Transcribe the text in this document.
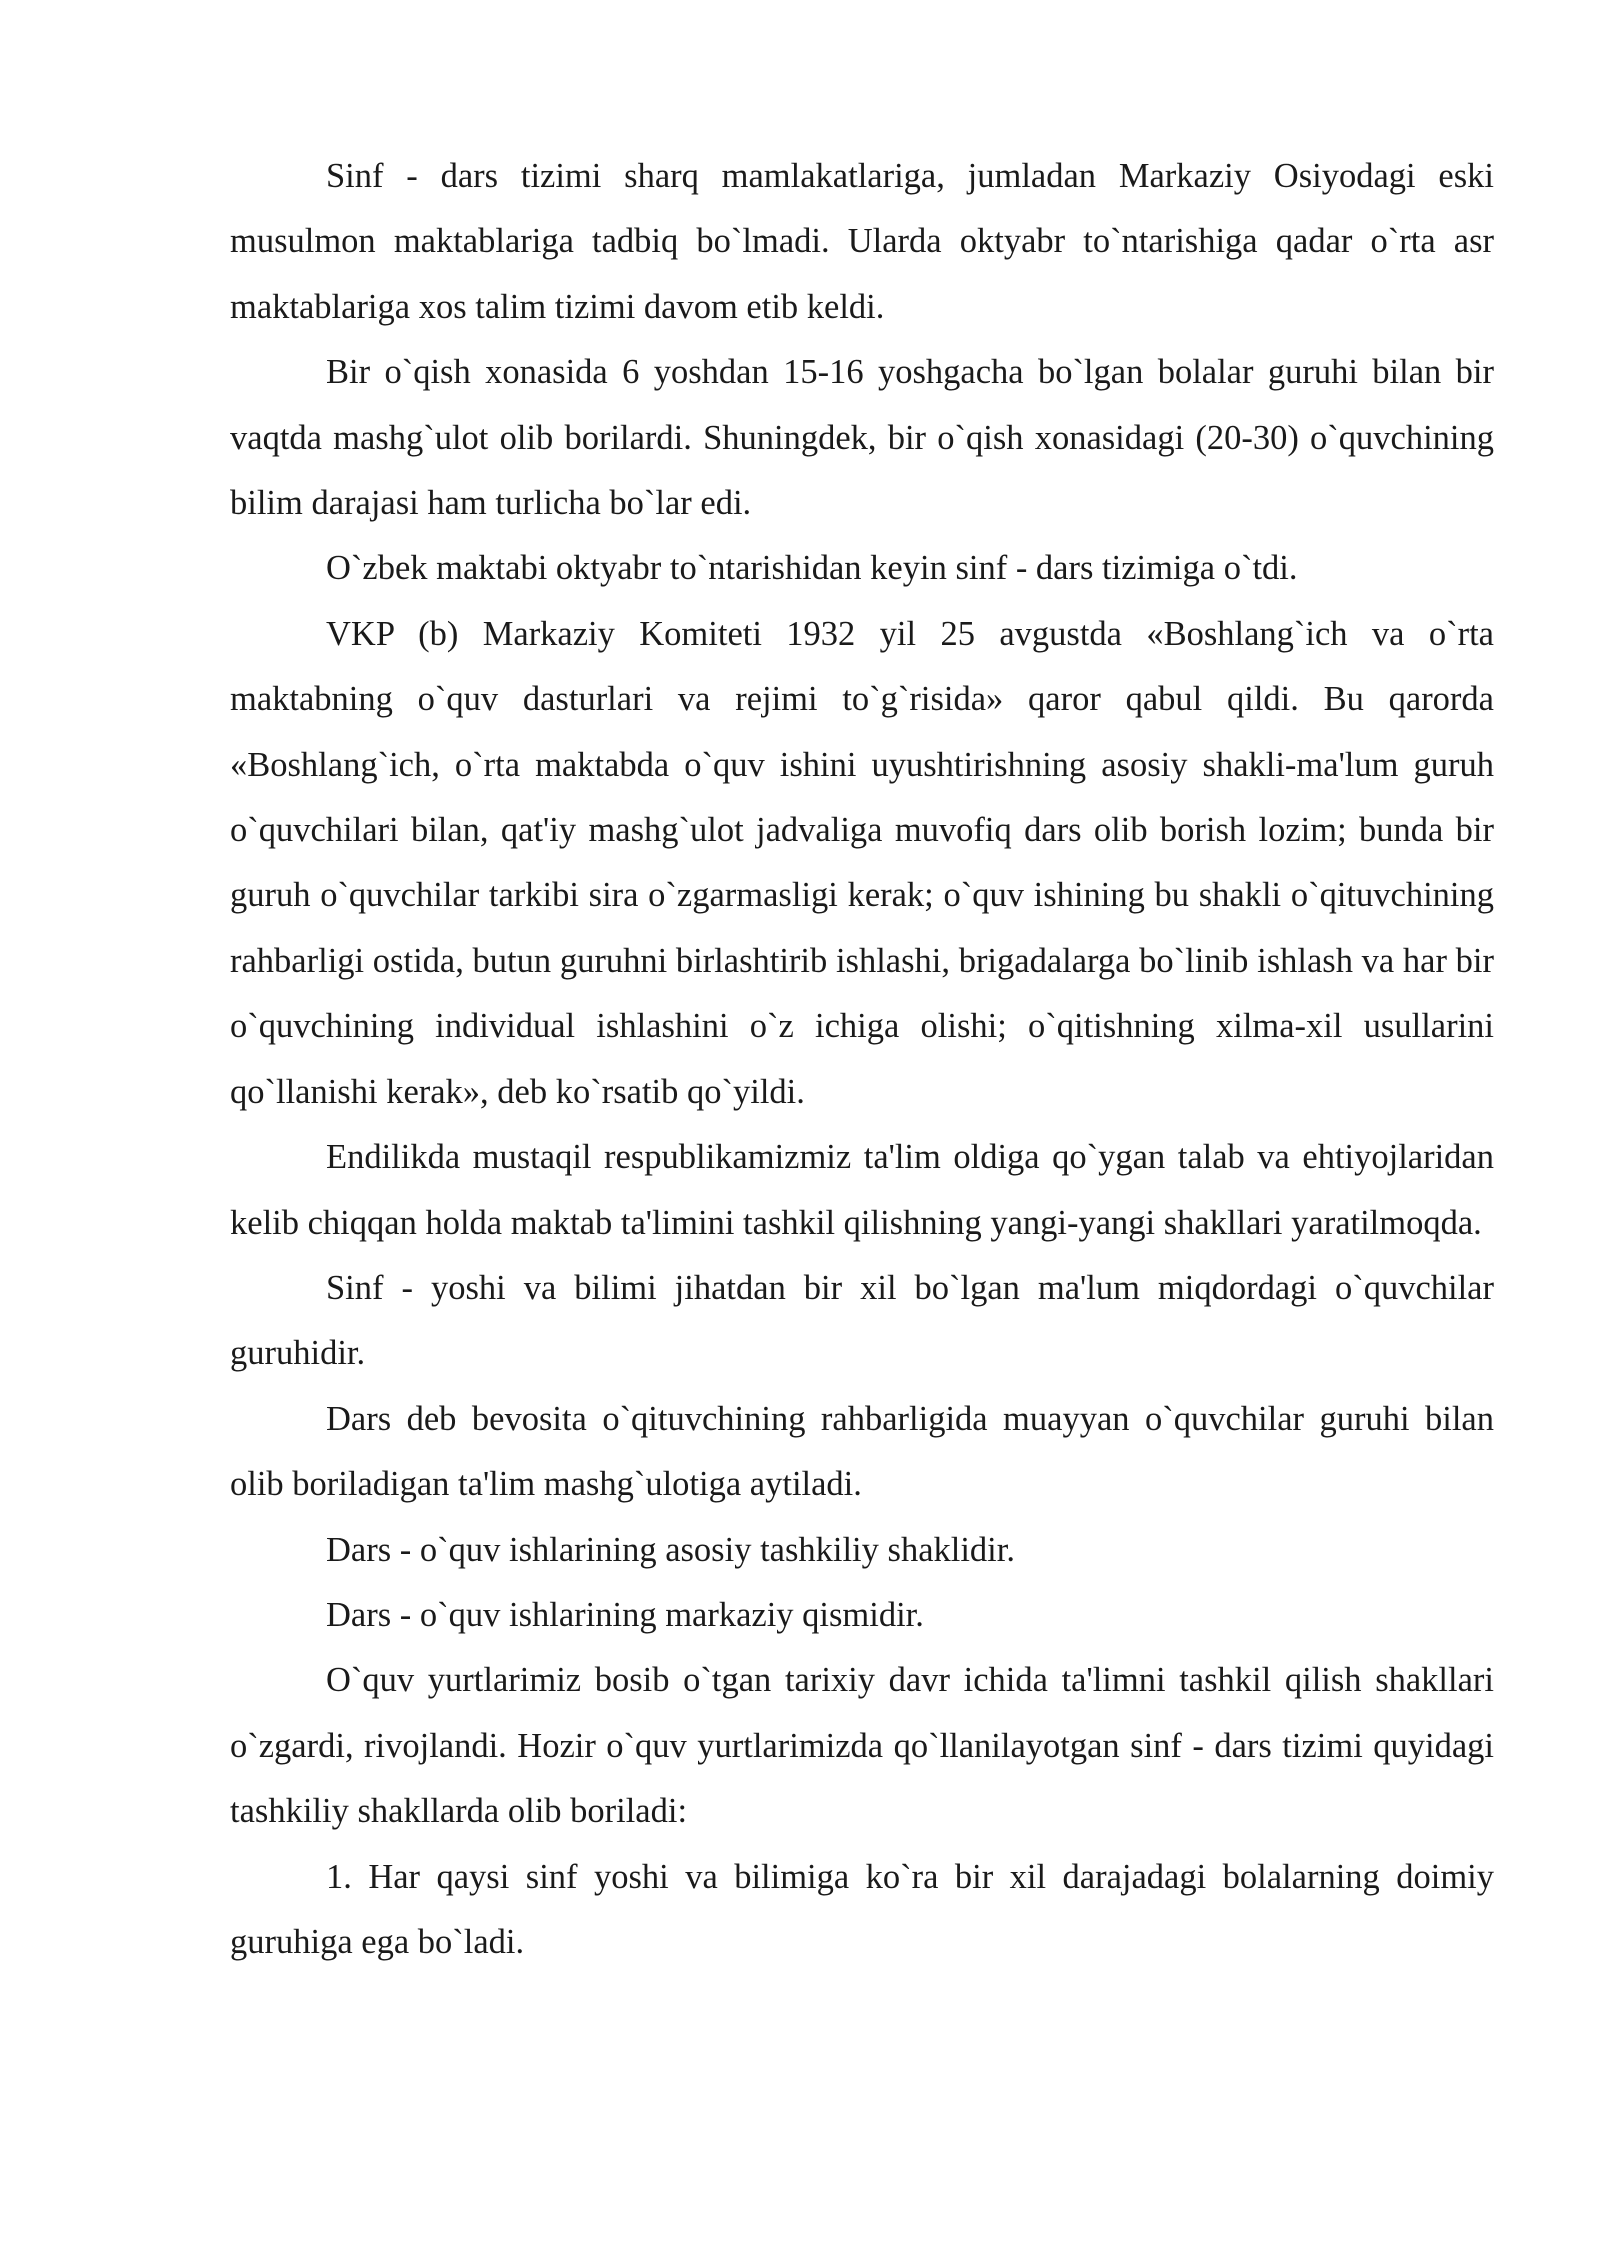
Sinf - dars tizimi sharq mamlakatlariga, jumladan Markaziy Osiyodagi eski musulmon maktablariga tadbiq bo`lmadi. Ularda oktyabr to`ntarishiga qadar o`rta asr maktablariga xos talim tizimi davom etib keldi.

Bir o`qish xonasida 6 yoshdan 15-16 yoshgacha bo`lgan bolalar guruhi bilan bir vaqtda mashg`ulot olib borilardi. Shuningdek, bir o`qish xonasidagi (20-30) o`quvchining bilim darajasi ham turlicha bo`lar edi.

O`zbek maktabi oktyabr to`ntarishidan keyin sinf - dars tizimiga o`tdi.

VKP (b) Markaziy Komiteti 1932 yil 25 avgustda «Boshlang`ich va o`rta maktabning o`quv dasturlari va rejimi to`g`risida» qaror qabul qildi. Bu qarorda «Boshlang`ich, o`rta maktabda o`quv ishini uyushtirishning asosiy shakli-ma'lum guruh o`quvchilari bilan, qat'iy mashg`ulot jadvaliga muvofiq dars olib borish lozim; bunda bir guruh o`quvchilar tarkibi sira o`zgarmasligi kerak; o`quv ishining bu shakli o`qituvchining rahbarligi ostida, butun guruhni birlashtirib ishlashi, brigadalarga bo`linib ishlash va har bir o`quvchining individual ishlashini o`z ichiga olishi; o`qitishning xilma-xil usullarini qo`llanishi kerak», deb ko`rsatib qo`yildi.

Endilikda mustaqil respublikamizmiz ta'lim oldiga qo`ygan talab va ehtiyojlaridan kelib chiqqan holda maktab ta'limini tashkil qilishning yangi-yangi shakllari yaratilmoqda.

Sinf - yoshi va bilimi jihatdan bir xil bo`lgan ma'lum miqdordagi o`quvchilar guruhidir.

Dars deb bevosita o`qituvchining rahbarligida muayyan o`quvchilar guruhi bilan olib boriladigan ta'lim mashg`ulotiga aytiladi.

Dars - o`quv ishlarining asosiy tashkiliy shaklidir.

Dars - o`quv ishlarining markaziy qismidir.

O`quv yurtlarimiz bosib o`tgan tarixiy davr ichida ta'limni tashkil qilish shakllari o`zgardi, rivojlandi. Hozir o`quv yurtlarimizda qo`llanilayotgan sinf - dars tizimi quyidagi tashkiliy shakllarda olib boriladi:

1. Har qaysi sinf yoshi va bilimiga ko`ra bir xil darajadagi bolalarning doimiy guruhiga ega bo`ladi.
